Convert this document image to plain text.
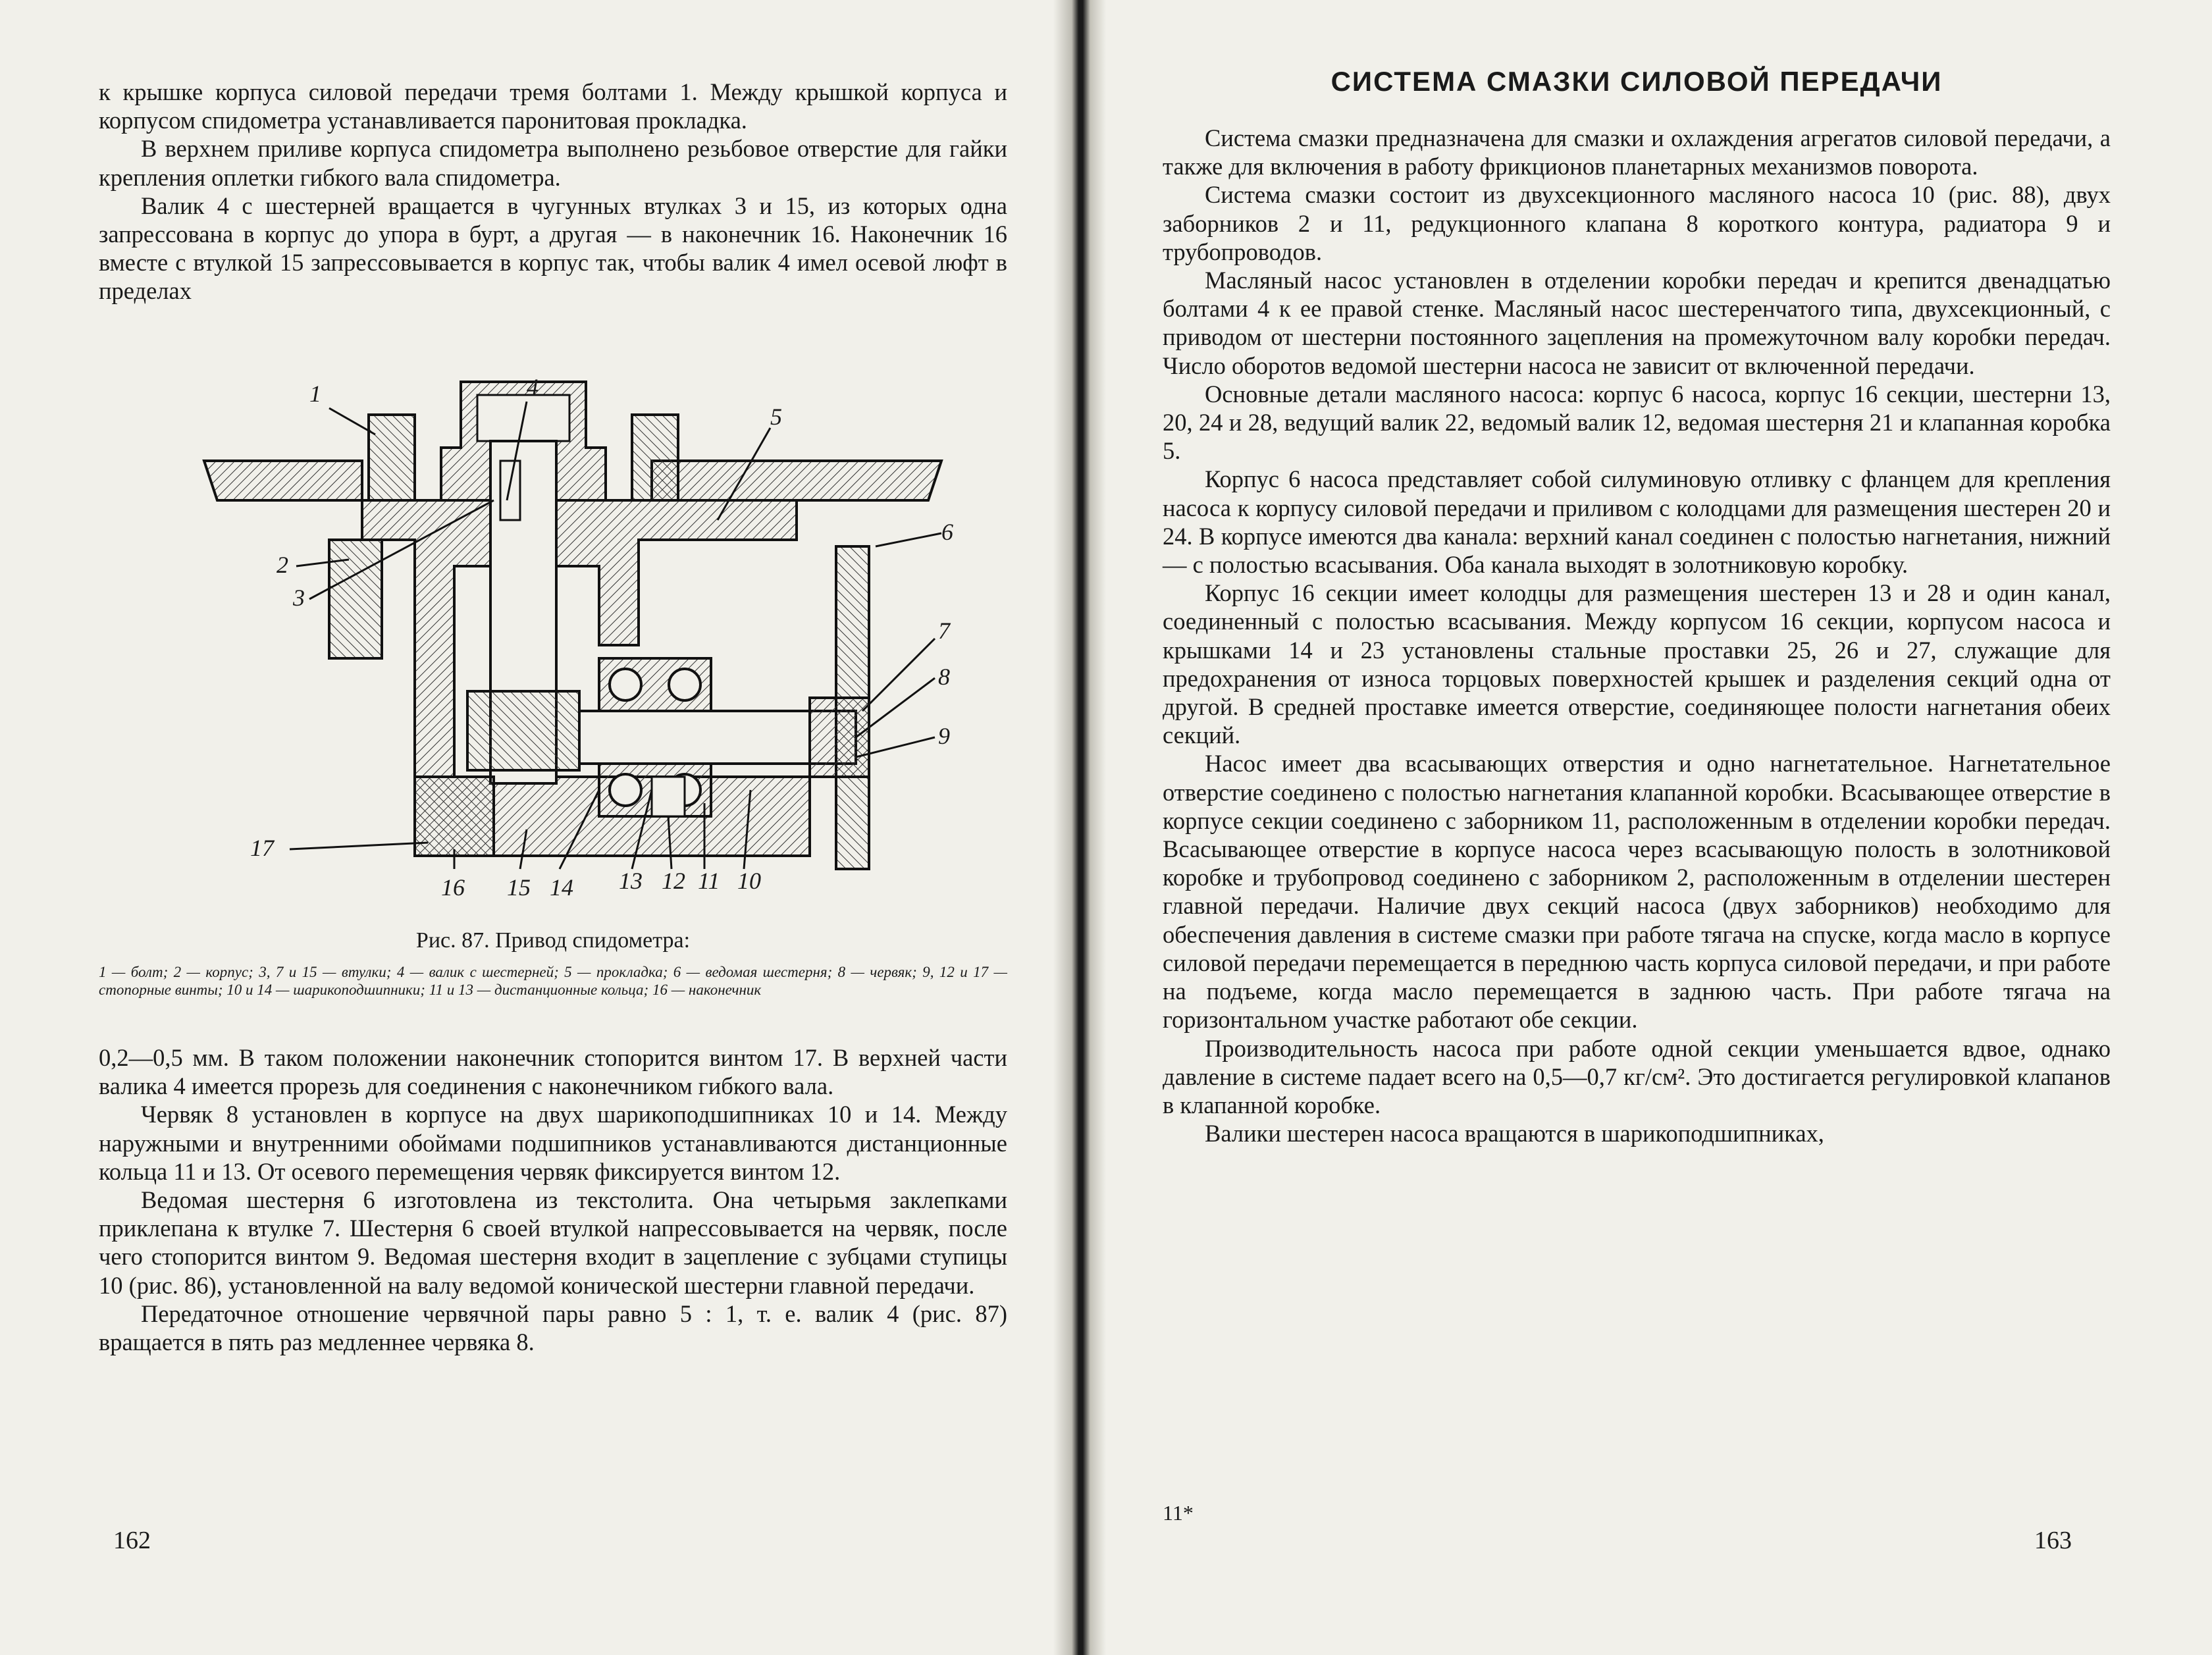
к крышке корпуса силовой передачи тремя болтами 1. Между крышкой корпуса и корпусом спидометра устанавливается паронитовая прокладка.

В верхнем приливе корпуса спидометра выполнено резьбовое отверстие для гайки крепления оплетки гибкого вала спидометра.

Валик 4 с шестерней вращается в чугунных втулках 3 и 15, из которых одна запрессована в корпус до упора в бурт, а другая — в наконечник 16. Наконечник 16 вместе с втулкой 15 запрессовывается в корпус так, чтобы валик 4 имел осевой люфт в пределах

1	4
5
2
6
3
7
8
9
17
16 15 14 13 12 11 10
Рис. 87. Привод спидометра:
1 — болт; 2 — корпус; 3, 7 и 15 — втулки; 4 — валик с шестерней; 5 — прокладка; 6 — ведомая шестерня; 8 — червяк; 9, 12 и 17 — стопорные винты; 10 и 14 — шарикоподшипники; 11 и 13 — дистанционные кольца; 16 — наконечник

0,2—0,5 мм. В таком положении наконечник стопорится винтом 17. В верхней части валика 4 имеется прорезь для соединения с наконечником гибкого вала.

Червяк 8 установлен в корпусе на двух шарикоподшипниках 10 и 14. Между наружными и внутренними обоймами подшипников устанавливаются дистанционные кольца 11 и 13. От осевого перемещения червяк фиксируется винтом 12.

Ведомая шестерня 6 изготовлена из текстолита. Она четырьмя заклепками приклепана к втулке 7. Шестерня 6 своей втулкой напрессовывается на червяк, после чего стопорится винтом 9. Ведомая шестерня входит в зацепление с зубцами ступицы 10 (рис. 86), установленной на валу ведомой конической шестерни главной передачи.

Передаточное отношение червячной пары равно 5 : 1, т. е. валик 4 (рис. 87) вращается в пять раз медленнее червяка 8.

162
СИСТЕМА СМАЗКИ СИЛОВОЙ ПЕРЕДАЧИ

Система смазки предназначена для смазки и охлаждения агрегатов силовой передачи, а также для включения в работу фрикционов планетарных механизмов поворота.

Система смазки состоит из двухсекционного масляного насоса 10 (рис. 88), двух заборников 2 и 11, редукционного клапана 8 короткого контура, радиатора 9 и трубопроводов.

Масляный насос установлен в отделении коробки передач и крепится двенадцатью болтами 4 к ее правой стенке. Масляный насос шестеренчатого типа, двухсекционный, с приводом от шестерни постоянного зацепления на промежуточном валу коробки передач. Число оборотов ведомой шестерни насоса не зависит от включенной передачи.

Основные детали масляного насоса: корпус 6 насоса, корпус 16 секции, шестерни 13, 20, 24 и 28, ведущий валик 22, ведомый валик 12, ведомая шестерня 21 и клапанная коробка 5.

Корпус 6 насоса представляет собой силуминовую отливку с фланцем для крепления насоса к корпусу силовой передачи и приливом с колодцами для размещения шестерен 20 и 24. В корпусе имеются два канала: верхний канал соединен с полостью нагнетания, нижний — с полостью всасывания. Оба канала выходят в золотниковую коробку.

Корпус 16 секции имеет колодцы для размещения шестерен 13 и 28 и один канал, соединенный с полостью всасывания. Между корпусом 16 секции, корпусом насоса и крышками 14 и 23 установлены стальные проставки 25, 26 и 27, служащие для предохранения от износа торцовых поверхностей крышек и разделения секций одна от другой. В средней проставке имеется отверстие, соединяющее полости нагнетания обеих секций.

Насос имеет два всасывающих отверстия и одно нагнетательное. Нагнетательное отверстие соединено с полостью нагнетания клапанной коробки. Всасывающее отверстие в корпусе секции соединено с заборником 11, расположенным в отделении коробки передач. Всасывающее отверстие в корпусе насоса через всасывающую полость в золотниковой коробке и трубопровод соединено с заборником 2, расположенным в отделении шестерен главной передачи. Наличие двух секций насоса (двух заборников) необходимо для обеспечения давления в системе смазки при работе тягача на спуске, когда масло в корпусе силовой передачи перемещается в переднюю часть корпуса силовой передачи, и при работе на подъеме, когда масло перемещается в заднюю часть. При работе тягача на горизонтальном участке работают обе секции.

Производительность насоса при работе одной секции уменьшается вдвое, однако давление в системе падает всего на 0,5—0,7 кг/см². Это достигается регулировкой клапанов в клапанной коробке.

Валики шестерен насоса вращаются в шарикоподшипниках,

11*
163
